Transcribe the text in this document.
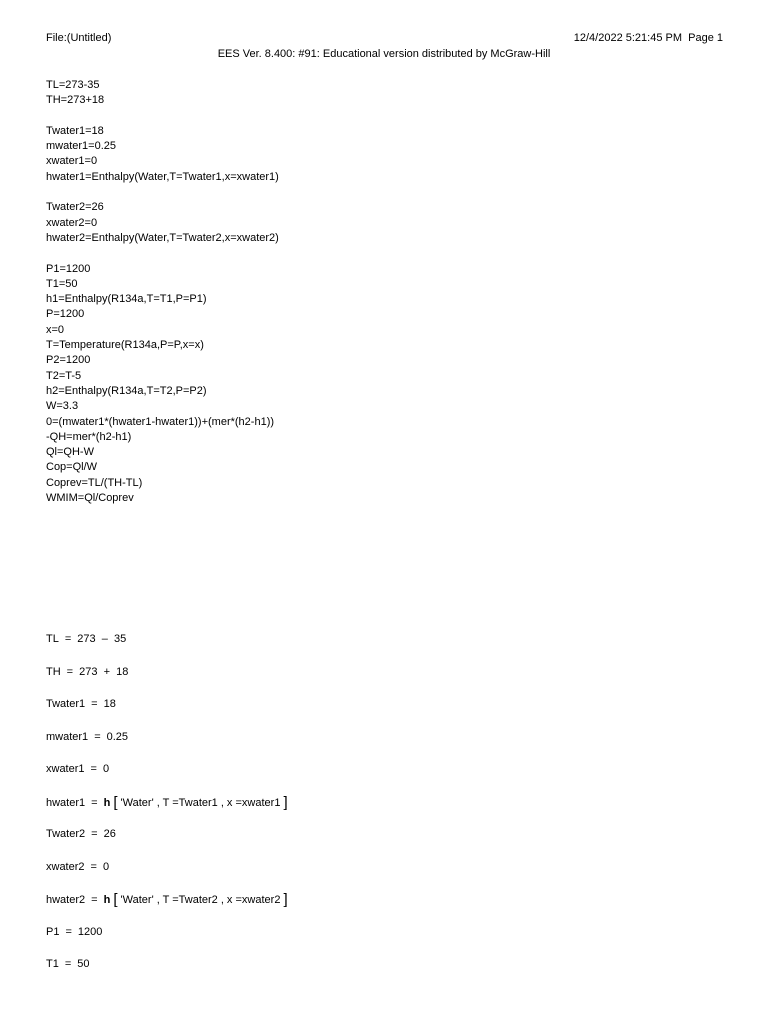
File:(Untitled)	12/4/2022 5:21:45 PM  Page 1
EES Ver. 8.400: #91: Educational version distributed by McGraw-Hill
TL=273-35
TH=273+18
Twater1=18
mwater1=0.25
xwater1=0
hwater1=Enthalpy(Water,T=Twater1,x=xwater1)
Twater2=26
xwater2=0
hwater2=Enthalpy(Water,T=Twater2,x=xwater2)
P1=1200
T1=50
h1=Enthalpy(R134a,T=T1,P=P1)
P=1200
x=0
T=Temperature(R134a,P=P,x=x)
P2=1200
T2=T-5
h2=Enthalpy(R134a,T=T2,P=P2)
W=3.3
0=(mwater1*(hwater1-hwater1))+(mer*(h2-h1))
-QH=mer*(h2-h1)
Ql=QH-W
Cop=Ql/W
Coprev=TL/(TH-TL)
WMIM=Ql/Coprev
TL = 273  –  35
TH = 273  +  18
Twater1 = 18
mwater1 = 0.25
xwater1 = 0
hwater1 = h [ 'Water' , T =Twater1 , x =xwater1 ]
Twater2 = 26
xwater2 = 0
hwater2 = h [ 'Water' , T =Twater2 , x =xwater2 ]
P1 = 1200
T1 = 50
